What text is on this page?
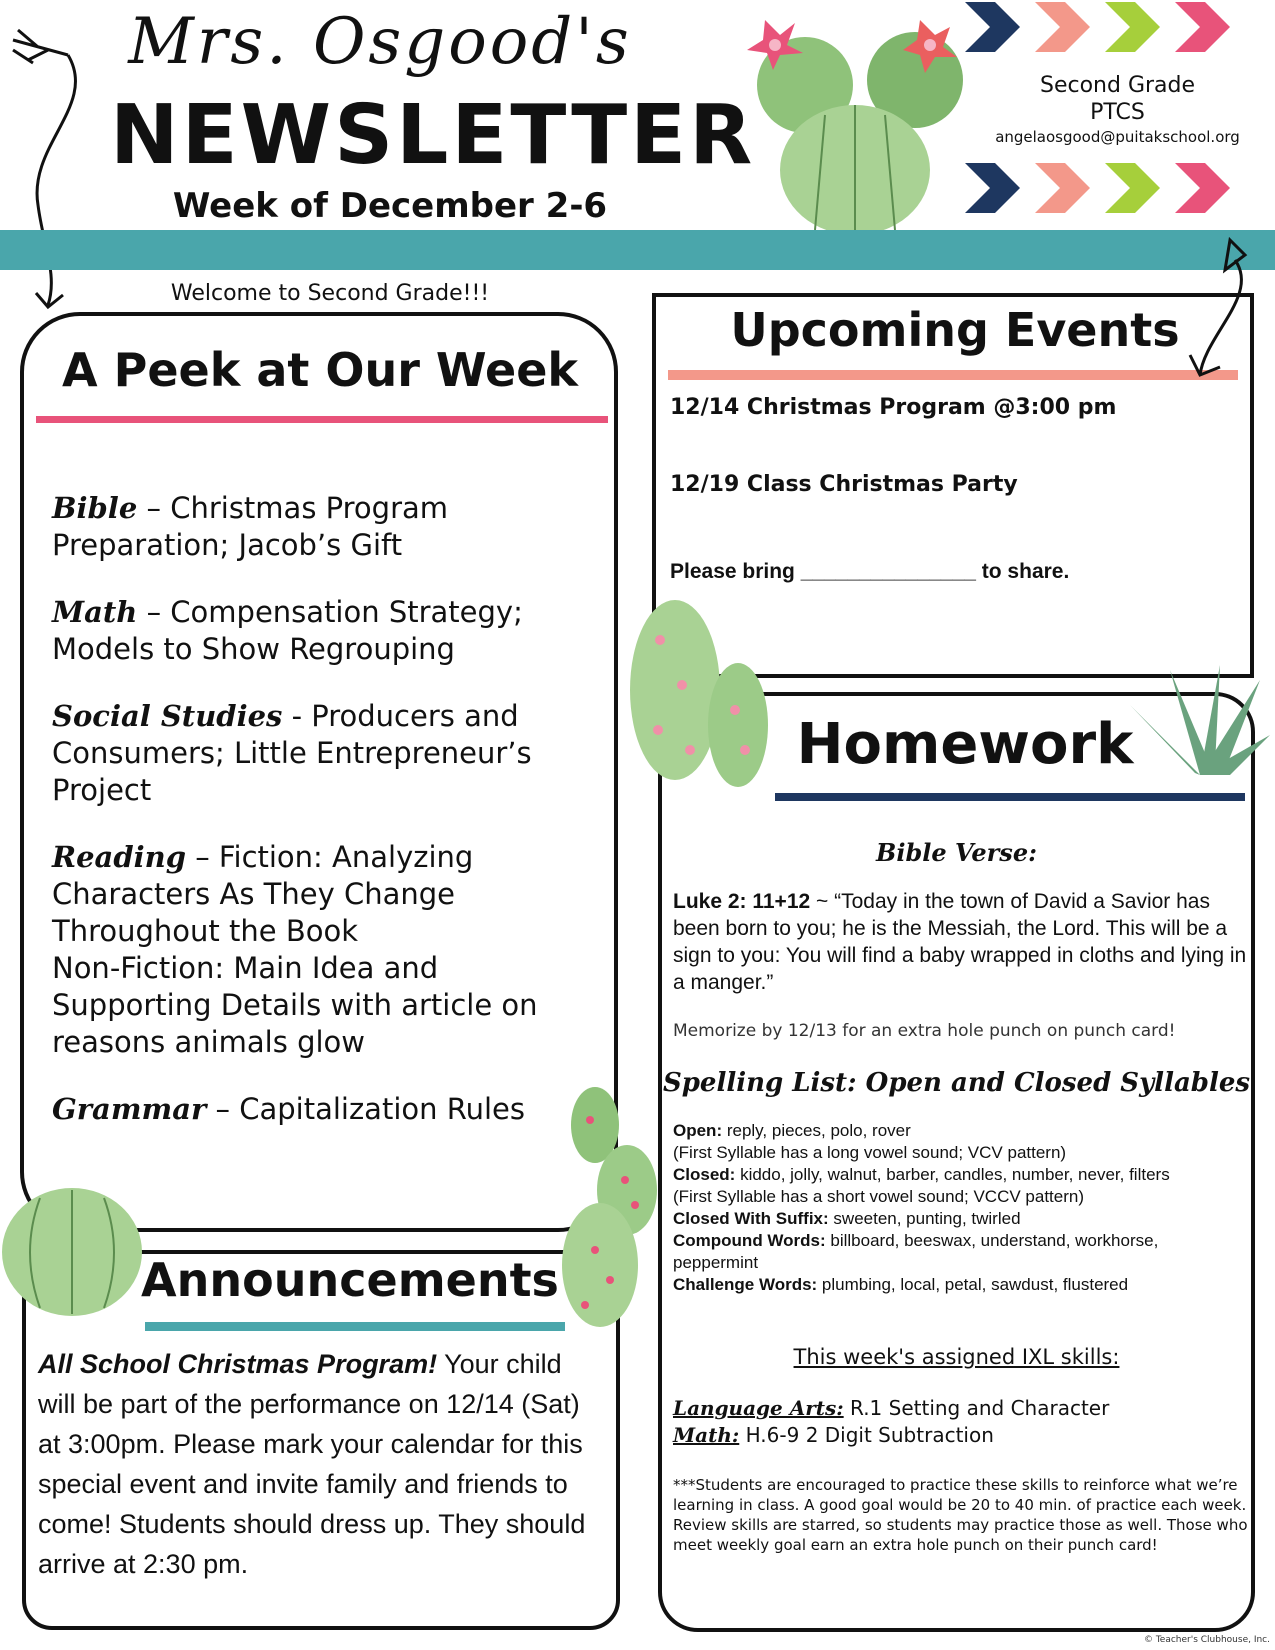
Mrs. Osgood's
NEWSLETTER
Week of December 2-6
Second Grade
PTCS
angelaosgood@puitakschool.org
Welcome to Second Grade!!!
A Peek at Our Week

Bible – Christmas Program Preparation; Jacob’s Gift

Math – Compensation Strategy; Models to Show Regrouping

Social Studies - Producers and Consumers; Little Entrepreneur’s Project

Reading – Fiction: Analyzing Characters As They Change Throughout the Book
Non-Fiction: Main Idea and Supporting Details with article on reasons animals glow

Grammar – Capitalization Rules

Announcements
All School Christmas Program! Your child will be part of the performance on 12/14 (Sat) at 3:00pm. Please mark your calendar for this special event and invite family and friends to come! Students should dress up. They should arrive at 2:30 pm.
Upcoming Events
12/14 Christmas Program @3:00 pm
12/19 Class Christmas Party
Please bring _______________ to share.
Homework
Bible Verse:
Luke 2: 11+12 ~ “Today in the town of David a Savior has been born to you; he is the Messiah, the Lord. This will be a sign to you: You will find a baby wrapped in cloths and lying in a manger.”
Memorize by 12/13 for an extra hole punch on punch card!
Spelling List: Open and Closed Syllables
Open: reply, pieces, polo, rover
(First Syllable has a long vowel sound; VCV pattern)
Closed: kiddo, jolly, walnut, barber, candles, number, never, filters
(First Syllable has a short vowel sound; VCCV pattern)
Closed With Suffix: sweeten, punting, twirled
Compound Words: billboard, beeswax, understand, workhorse, peppermint
Challenge Words: plumbing, local, petal, sawdust, flustered
This week's assigned IXL skills:
Language Arts: R.1 Setting and Character
Math: H.6-9 2 Digit Subtraction
***Students are encouraged to practice these skills to reinforce what we’re learning in class. A good goal would be 20 to 40 min. of practice each week. Review skills are starred, so students may practice those as well. Those who meet weekly goal earn an extra hole punch on their punch card!
© Teacher's Clubhouse, Inc.
